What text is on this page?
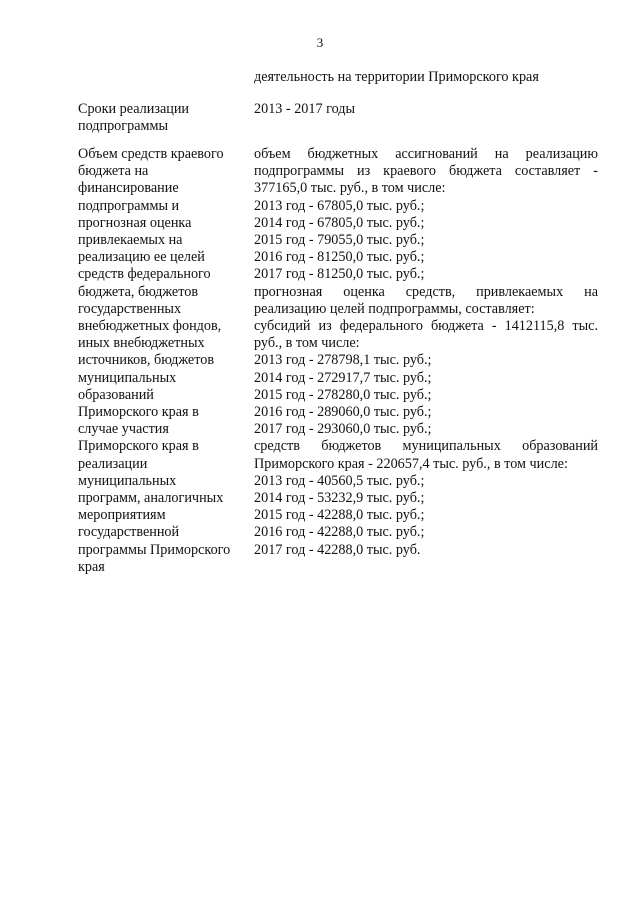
3
деятельность на территории Приморского края
Сроки реализации
подпрограммы
2013 - 2017 годы
Объем средств краевого
бюджета на
финансирование
подпрограммы и
прогнозная оценка
привлекаемых на
реализацию ее целей
средств федерального
бюджета, бюджетов
государственных
внебюджетных фондов,
иных внебюджетных
источников, бюджетов
муниципальных
образований
Приморского края в
случае участия
Приморского края в
реализации
муниципальных
программ, аналогичных
мероприятиям
государственной
программы Приморского
края
объем бюджетных ассигнований на реализацию
подпрограммы из краевого бюджета составляет -
377165,0 тыс. руб., в том числе:
2013 год - 67805,0 тыс. руб.;
2014 год - 67805,0 тыс. руб.;
2015 год - 79055,0 тыс. руб.;
2016 год - 81250,0 тыс. руб.;
2017 год - 81250,0 тыс. руб.;
прогнозная оценка средств, привлекаемых на
реализацию целей подпрограммы, составляет:
субсидий из федерального бюджета - 1412115,8 тыс.
руб., в том числе:
2013 год - 278798,1 тыс. руб.;
2014 год - 272917,7 тыс. руб.;
2015 год - 278280,0 тыс. руб.;
2016 год - 289060,0 тыс. руб.;
2017 год - 293060,0 тыс. руб.;
средств бюджетов муниципальных образований
Приморского края - 220657,4 тыс. руб., в том числе:
2013 год - 40560,5 тыс. руб.;
2014 год - 53232,9 тыс. руб.;
2015 год - 42288,0 тыс. руб.;
2016 год - 42288,0 тыс. руб.;
2017 год - 42288,0 тыс. руб.
